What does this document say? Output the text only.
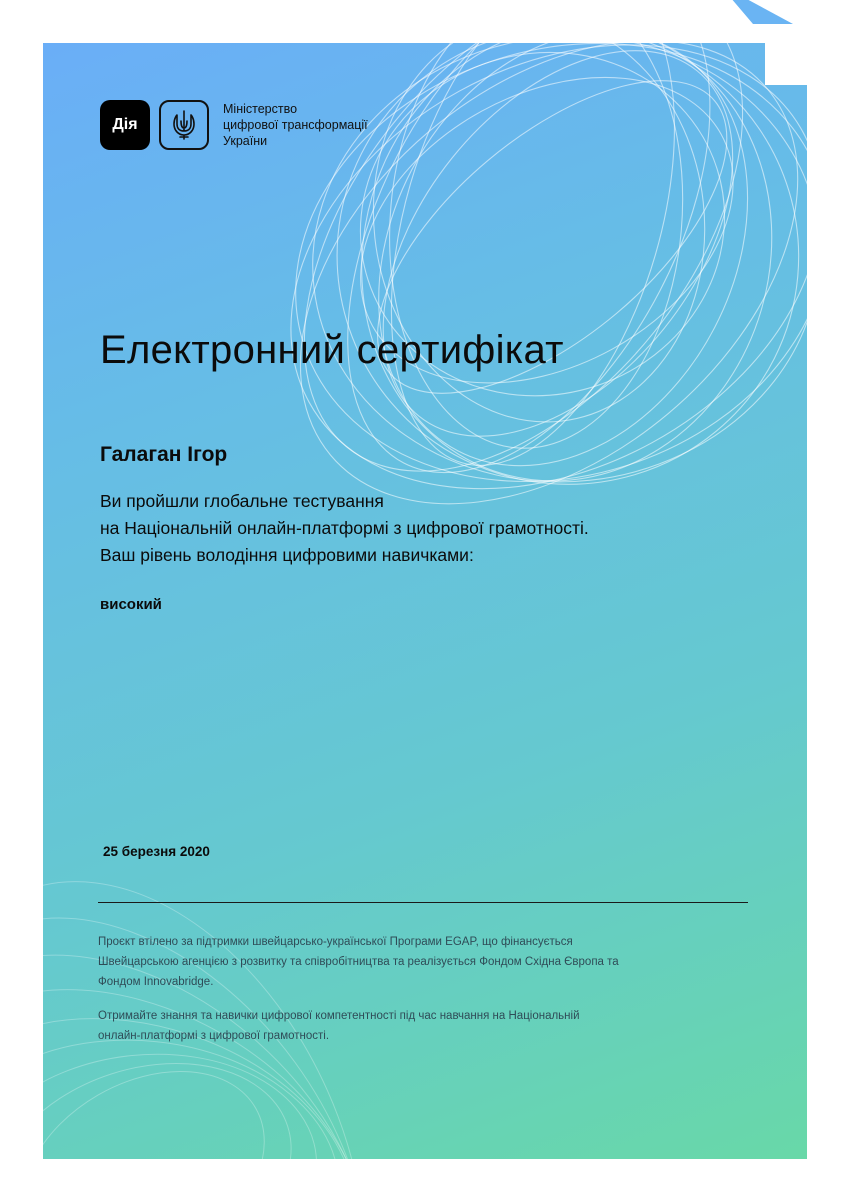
Дія
Міністерство
цифрової трансформації
України
Електронний сертифікат
Галаган Ігор
Ви пройшли глобальне тестування
на Національній онлайн-платформі з цифрової грамотності.
Ваш рівень володіння цифровими навичками:
високий
25 березня 2020
Проєкт втілено за підтримки швейцарсько-української Програми EGAP, що фінансується
Швейцарською агенцією з розвитку та співробітництва та реалізується Фондом Східна Європа та
Фондом Innovabridge.
Отримайте знання та навички цифрової компетентності під час навчання на Національній
онлайн-платформі з цифрової грамотності.
